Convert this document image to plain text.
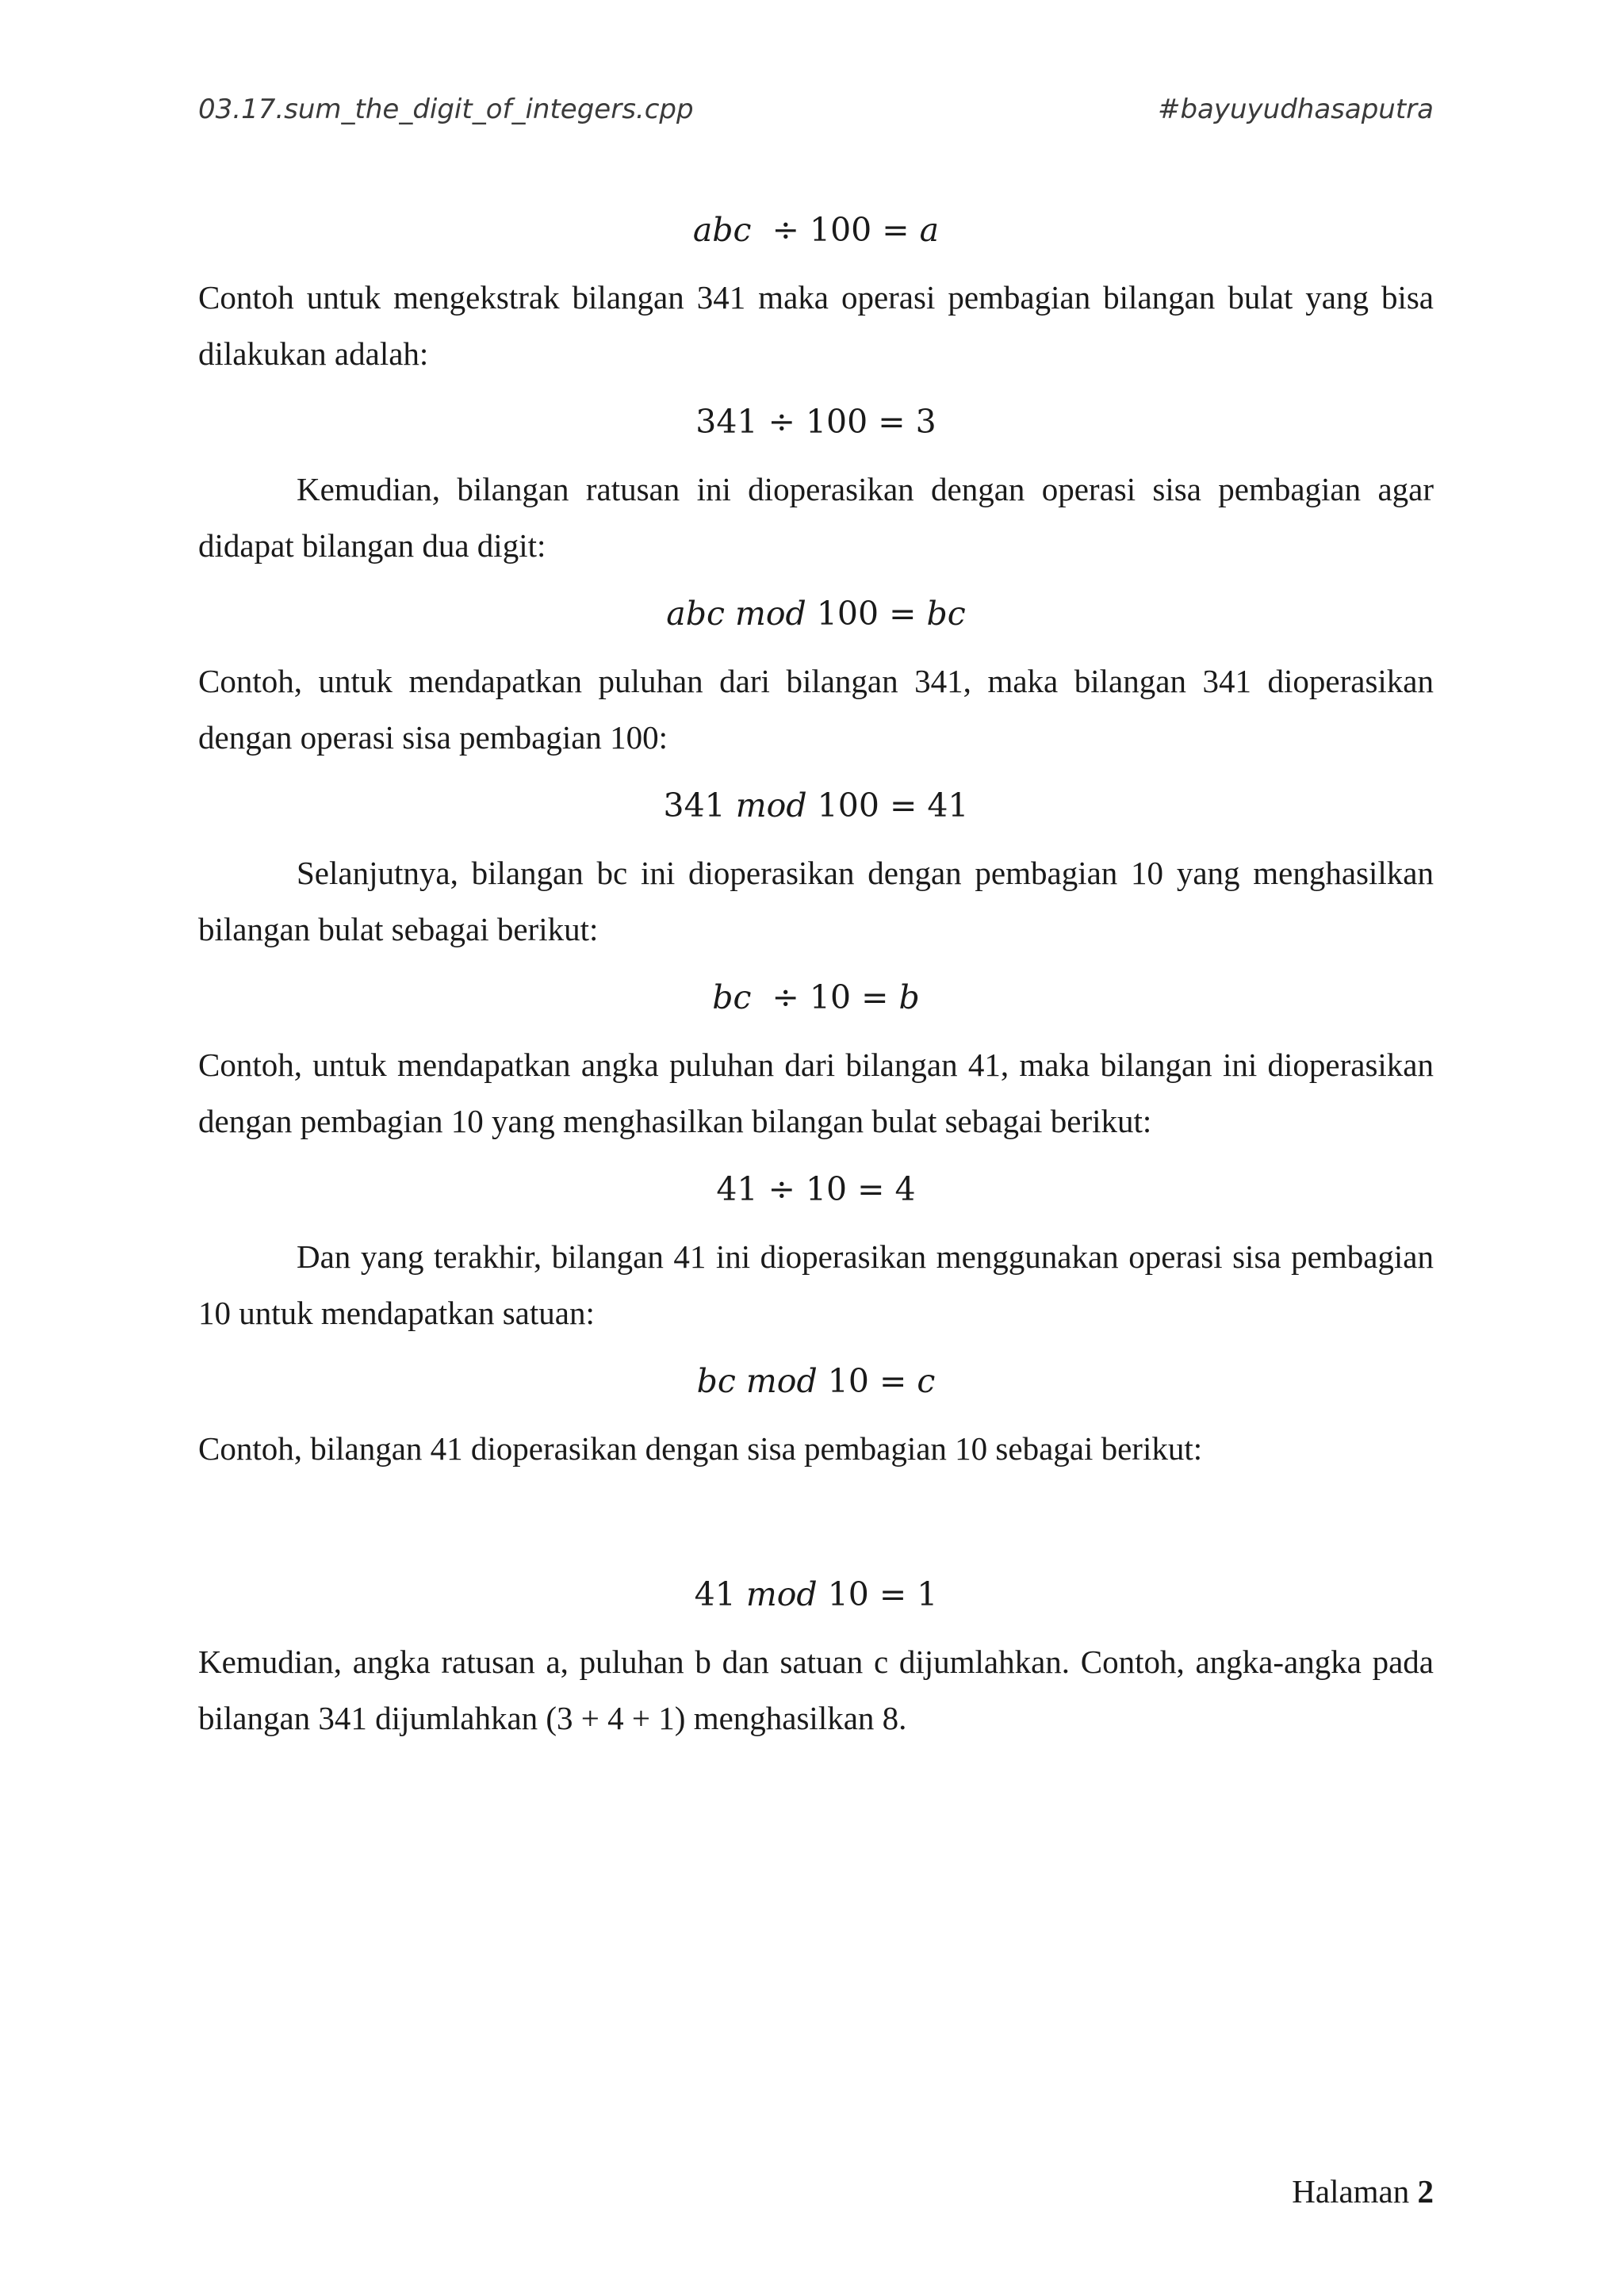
03.17.sum_the_digit_of_integers.cpp	#bayuyudhasaputra
abc ÷ 100 = a

Contoh untuk mengekstrak bilangan 341 maka operasi pembagian bilangan bulat yang bisa dilakukan adalah:

341 ÷ 100 = 3

Kemudian, bilangan ratusan ini dioperasikan dengan operasi sisa pembagian agar didapat bilangan dua digit:

abc mod 100 = bc

Contoh, untuk mendapatkan puluhan dari bilangan 341, maka bilangan 341 dioperasikan dengan operasi sisa pembagian 100:

341 mod 100 = 41

Selanjutnya, bilangan bc ini dioperasikan dengan pembagian 10 yang menghasilkan bilangan bulat sebagai berikut:

bc ÷ 10 = b

Contoh, untuk mendapatkan angka puluhan dari bilangan 41, maka bilangan ini dioperasikan dengan pembagian 10 yang menghasilkan bilangan bulat sebagai berikut:

41 ÷ 10 = 4

Dan yang terakhir, bilangan 41 ini dioperasikan menggunakan operasi sisa pembagian 10 untuk mendapatkan satuan:

bc mod 10 = c

Contoh, bilangan 41 dioperasikan dengan sisa pembagian 10 sebagai berikut:

41 mod 10 = 1

Kemudian, angka ratusan a, puluhan b dan satuan c dijumlahkan. Contoh, angka-angka pada bilangan 341 dijumlahkan (3 + 4 + 1) menghasilkan 8.

Halaman 2
